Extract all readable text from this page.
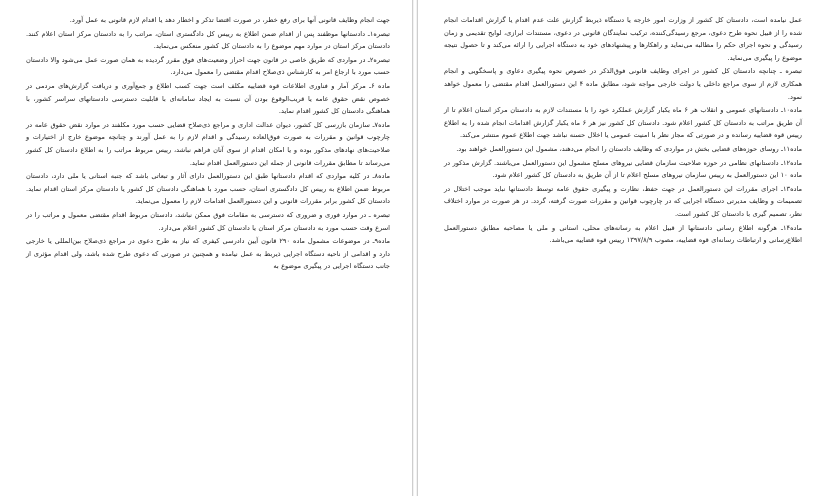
جهت انجام وظایف قانونی آنها برای رفع خطر، در صورت اقتضا تذکر و اخطار دهد یا اقدام لازم قانونی به عمل آورد.

تبصره۱ـ دادستانها موظفند پس از اقدام ضمن اطلاع به رییس کل دادگستری استان، مراتب را به دادستان مرکز استان اعلام کنند. دادستان مرکز استان در موارد مهم موضوع را به دادستان کل کشور منعکس می‌نماید.

تبصره۲ـ در مواردی که طریق خاصی در قانون جهت احراز وضعیت‌های فوق مقرر گردیده به همان صورت عمل می‌شود والا دادستان حسب مورد با ارجاع امر به کارشناس ذی‌صلاح اقدام مقتضی را معمول می‌دارد.

ماده ۶ـ مرکز آمار و فناوری اطلاعات قوه قضاییه مکلف است جهت کسب اطلاع و جمع‌آوری و دریافت گزارش‌های مردمی در خصوص نقض حقوق عامه یا قریب‌الوقوع بودن آن نسبت به ایجاد سامانه‌ای با قابلیت دسترسی دادستانهای سراسر کشور، با هماهنگی دادستان کل کشور اقدام نماید.

ماده۷ـ سازمان بازرسی کل کشور، دیوان عدالت اداری و مراجع ذی‌صلاح قضایی حسب مورد مکلفند در موارد نقض حقوق عامه در چارچوب قوانین و مقررات به صورت فوق‌العاده رسیدگی و اقدام لازم را به عمل آورند و چنانچه موضوع خارج از اختیارات و صلاحیت‌های نهادهای مذکور بوده و یا امکان اقدام از سوی آنان فراهم نباشد، رییس مربوط مراتب را به اطلاع دادستان کل کشور می‌رساند تا مطابق مقررات قانونی از جمله این دستورالعمل اقدام نماید.

ماده۸ـ در کلیه مواردی که اقدام دادستانها طبق این دستورالعمل دارای آثار و تبعاتی باشد که جنبه استانی یا ملی دارد، دادستان مربوط ضمن اطلاع به رییس کل دادگستری استان، حسب مورد با هماهنگی دادستان کل کشور یا دادستان مرکز استان اقدام نماید. دادستان کل کشور برابر مقررات قانونی و این دستورالعمل اقدامات لازم را معمول می‌نماید.

تبصره ـ در موارد فوری و ضروری که دسترسی به مقامات فوق ممکن نباشد، دادستان مربوط اقدام مقتضی معمول و مراتب را در اسرع وقت حسب مورد به دادستان مرکز استان یا دادستان کل کشور اعلام می‌دارد.

ماده۹ـ در موضوعات مشمول ماده ۲۹۰ قانون آیین دادرسی کیفری که نیاز به طرح دعوی در مراجع ذی‌صلاح بین‌المللی یا خارجی دارد و اقدامی از ناحیه دستگاه اجرایی ذیربط به عمل نیامده و همچنین در صورتی که دعوی طرح شده باشد، ولی اقدام مؤثری از جانب دستگاه اجرایی در پیگیری موضوع به

عمل نیامده است، دادستان کل کشور از وزارت امور خارجه یا دستگاه ذیربط گزارش علت عدم اقدام یا گزارش اقدامات انجام شده را از قبیل نحوه طرح دعوی، مرجع رسیدگی‌کننده، ترکیب نمایندگان قانونی در دعوی، مستندات ابرازی، لوایح تقدیمی و زمان رسیدگی و نحوه اجرای حکم را مطالبه می‌نماید و راهکارها و پیشنهادهای خود به دستگاه اجرایی را ارائه می‌کند و تا حصول نتیجه موضوع را پیگیری می‌نماید.

تبصره ـ چنانچه دادستان کل کشور در اجرای وظایف قانونی فوق‌الذکر در خصوص نحوه پیگیری دعاوی و پاسخگویی و انجام همکاری لازم از سوی مراجع داخلی یا دولت خارجی مواجه شود، مطابق ماده ۴ این دستورالعمل اقدام مقتضی را معمول خواهد نمود.

ماده۱۰ـ دادستانهای عمومی و انقلاب هر ۶ ماه یکبار گزارش عملکرد خود را با مستندات لازم به دادستان مرکز استان اعلام تا از آن طریق مراتب به دادستان کل کشور اعلام شود. دادستان کل کشور نیز هر ۶ ماه یکبار گزارش اقدامات انجام شده را به اطلاع رییس قوه قضاییه رسانده و در صورتی که مجاز نظر با امنیت عمومی یا اخلال حسنه نباشد جهت اطلاع عموم منتشر می‌کند.

ماده۱۱ـ روسای حوزه‌های قضایی بخش در مواردی که وظایف دادستان را انجام می‌دهند، مشمول این دستورالعمل خواهند بود.

ماده۱۲ـ دادستانهای نظامی در حوزه صلاحیت سازمان قضایی نیروهای مسلح مشمول این دستورالعمل می‌باشند. گزارش مذکور در ماده ۱۰ این دستورالعمل به رییس سازمان نیروهای مسلح اعلام تا از آن طریق به دادستان کل کشور اعلام شود.

ماده۱۳ـ اجرای مقررات این دستورالعمل در جهت حفظ، نظارت و پیگیری حقوق عامه توسط دادستانها نباید موجب اختلال در تصمیمات و وظایف مدیرتی دستگاه اجرایی که در چارچوب قوانین و مقررات صورت گرفته، گردد. در هر صورت در موارد اختلاف نظر، تصمیم گیری با دادستان کل کشور است.

ماده۱۴ـ هرگونه اطلاع رسانی دادستانها از قبیل اعلام به رسانه‌های محلی، استانی و ملی یا مصاحبه مطابق دستورالعمل اطلاع‌رسانی و ارتباطات رسانه‌ای قوه قضاییه، مصوب ۱۳۹۷/۸/۹ رییس قوه قضاییه می‌باشد.
